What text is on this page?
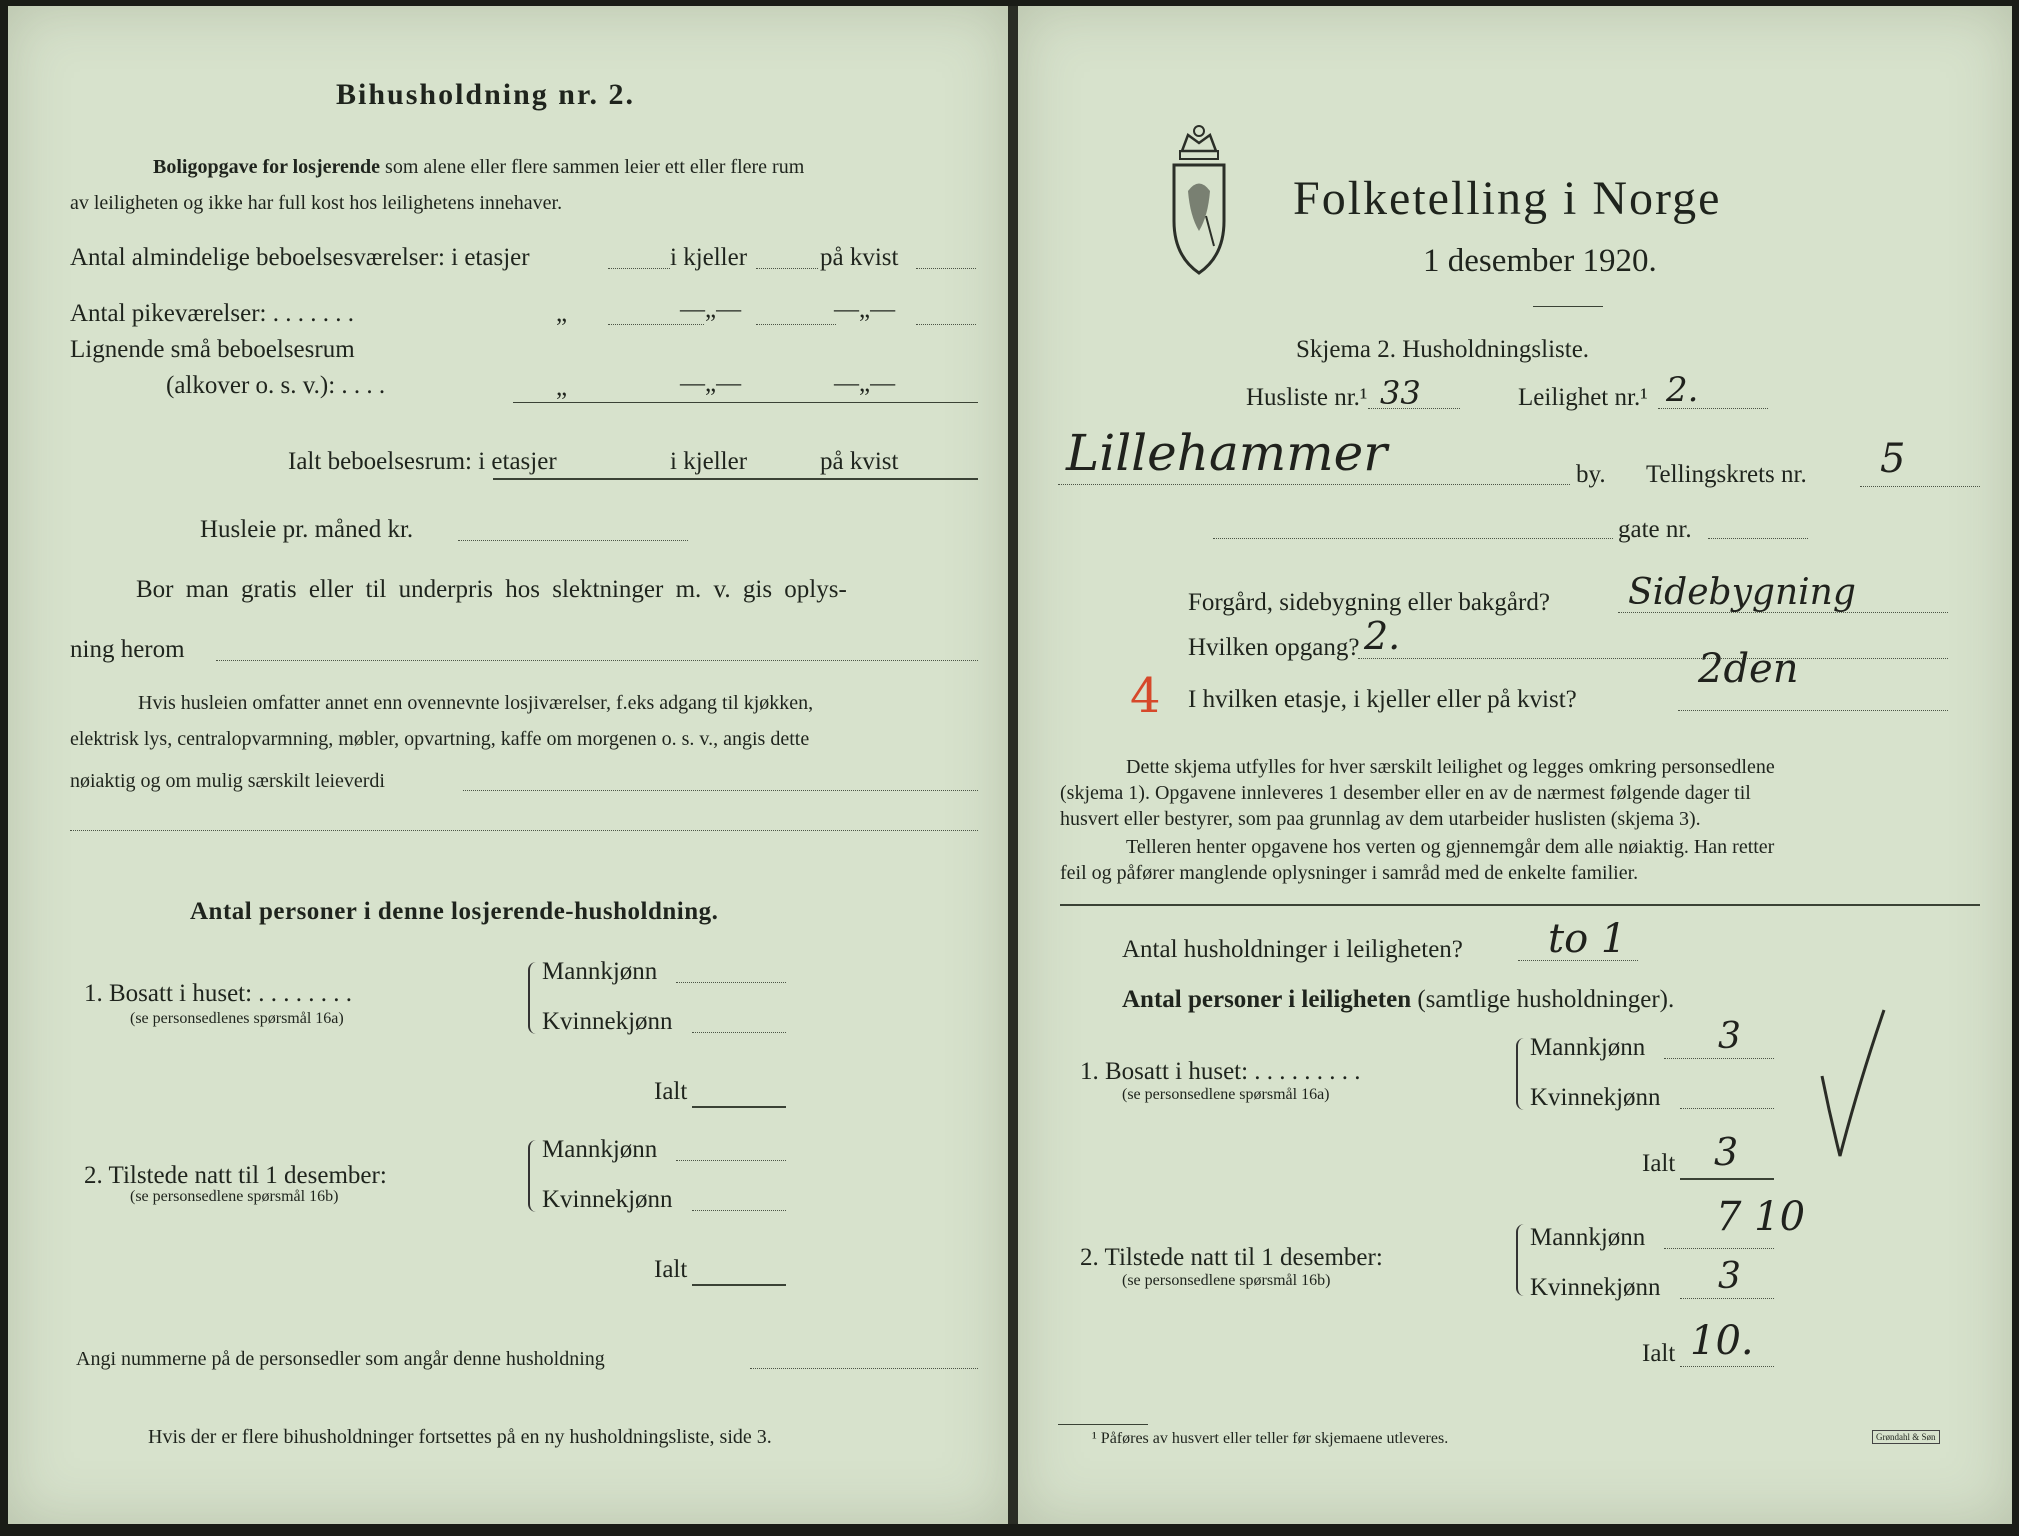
Bihusholdning nr. 2.
Boligopgave for losjerende som alene eller flere sammen leier ett eller flere rum
av leiligheten og ikke har full kost hos leilighetens innehaver.
Antal almindelige beboelsesværelser: i etasjer	i kjeller	på kvist
Antal pikeværelser: . . . . . . .	„	—„—	—„—
Lignende små beboelsesrum
(alkover o. s. v.): . . . .	„	—„—	—„—
Ialt beboelsesrum: i etasjer	i kjeller	på kvist
Husleie pr. måned kr.
Bor man gratis eller til underpris hos slektninger m. v. gis oplys-
ning herom
Hvis husleien omfatter annet enn ovennevnte losjiværelser, f.eks adgang til kjøkken,
elektrisk lys, centralopvarmning, møbler, opvartning, kaffe om morgenen o. s. v., angis dette
nøiaktig og om mulig særskilt leieverdi
Antal personer i denne losjerende-husholdning.
1. Bosatt i huset: . . . . . . . .
(se personsedlenes spørsmål 16a)
Mannkjønn
Kvinnekjønn
Ialt
2. Tilstede natt til 1 desember:
(se personsedlene spørsmål 16b)
Mannkjønn
Kvinnekjønn
Ialt
Angi nummerne på de personsedler som angår denne husholdning
Hvis der er flere bihusholdninger fortsettes på en ny husholdningsliste, side 3.
Folketelling i Norge
1 desember 1920.
Skjema 2. Husholdningsliste.
Husliste nr.¹ 33	Leilighet nr.¹ 2.
Lillehammer	by. Tellingskrets nr. 5
gate nr.
Forgård, sidebygning eller bakgård? Sidebygning
Hvilken opgang? 2.
4 I hvilken etasje, i kjeller eller på kvist?
2den
Dette skjema utfylles for hver særskilt leilighet og legges omkring personsedlene
(skjema 1). Opgavene innleveres 1 desember eller en av de nærmest følgende dager til
husvert eller bestyrer, som paa grunnlag av dem utarbeider huslisten (skjema 3).
Telleren henter opgavene hos verten og gjennemgår dem alle nøiaktig. Han retter
feil og påfører manglende oplysninger i samråd med de enkelte familier.
Antal husholdninger i leiligheten? to 1
Antal personer i leiligheten (samtlige husholdninger).
1. Bosatt i huset: . . . . . . . . .
(se personsedlene spørsmål 16a)
Mannkjønn 3
Kvinnekjønn
Ialt 3
2. Tilstede natt til 1 desember:
(se personsedlene spørsmål 16b)
Mannkjønn 7 10
Kvinnekjønn 3
Ialt 10.
¹ Påføres av husvert eller teller før skjemaene utleveres.	Grøndahl & Søn
